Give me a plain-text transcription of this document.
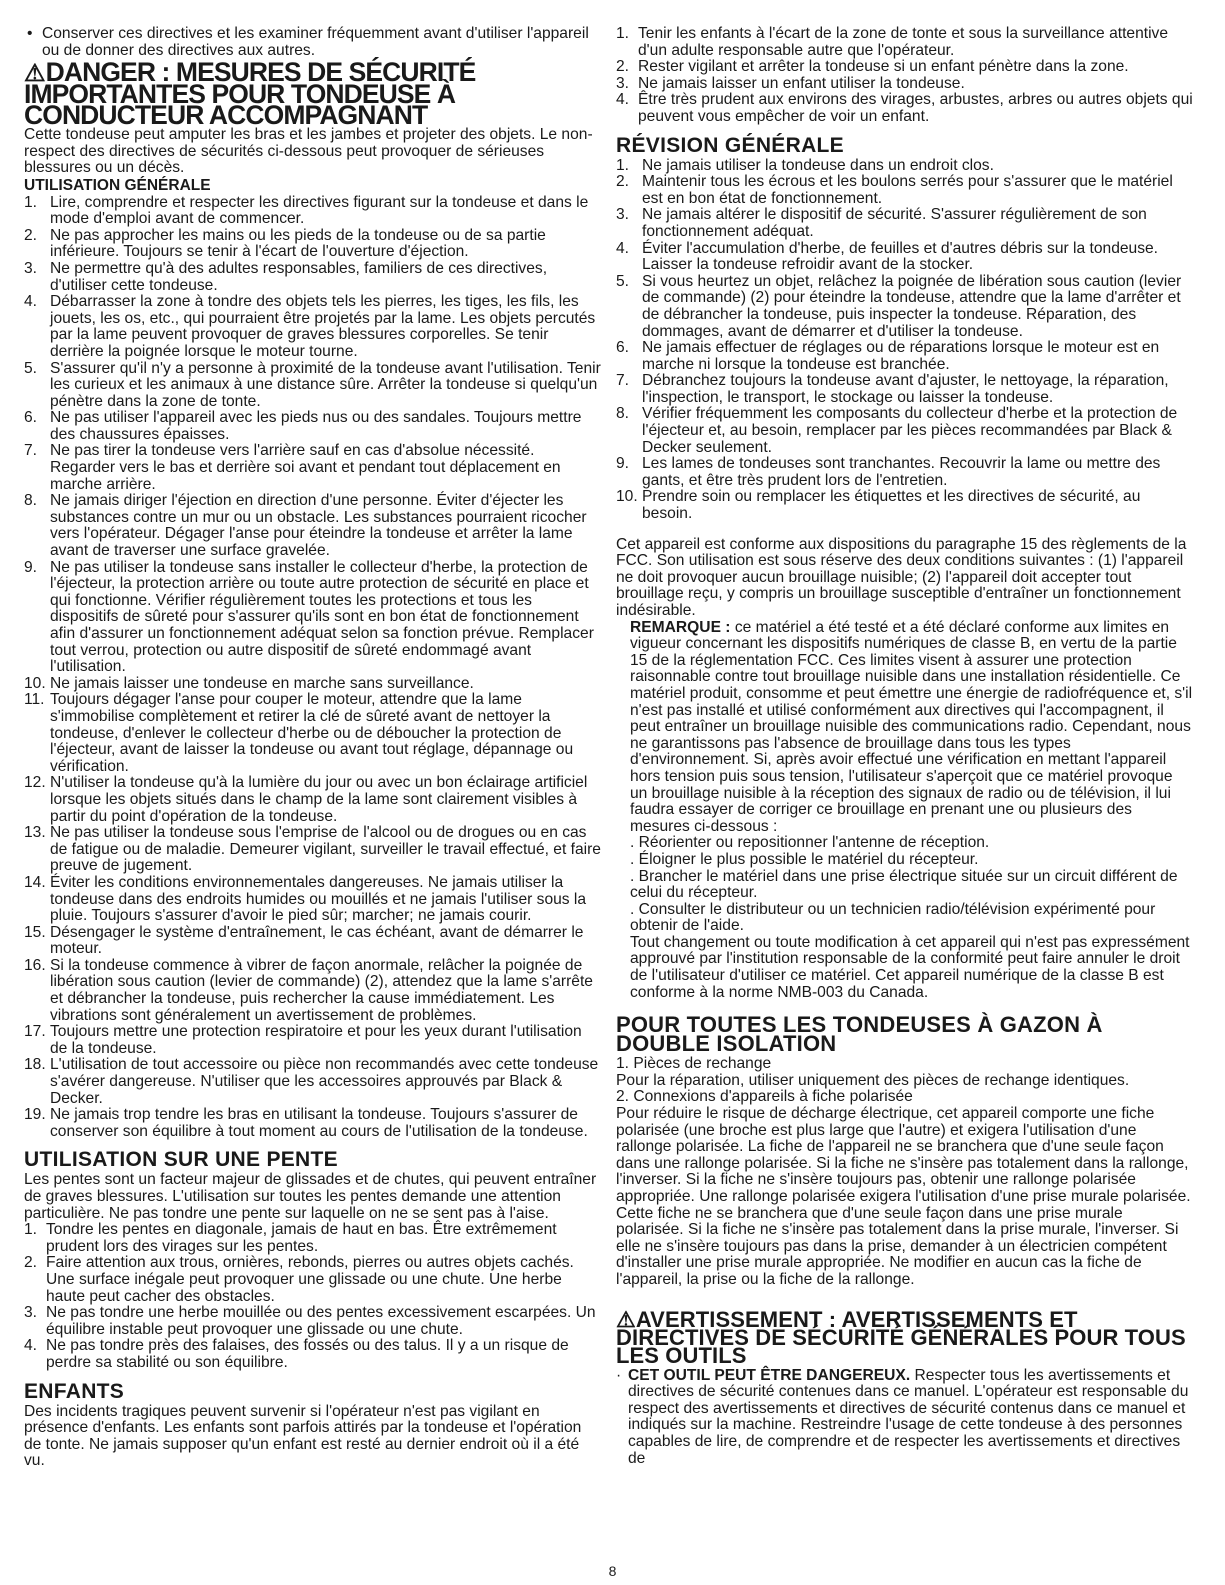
• Conserver ces directives et les examiner fréquemment avant d'utiliser l'appareil ou de donner des directives aux autres.

⚠DANGER : MESURES DE SÉCURITÉ IMPORTANTES POUR TONDEUSE À CONDUCTEUR ACCOMPAGNANT

Cette tondeuse peut amputer les bras et les jambes et projeter des objets. Le non-respect des directives de sécurités ci-dessous peut provoquer de sérieuses blessures ou un décès.

UTILISATION GÉNÉRALE
1. Lire, comprendre et respecter les directives figurant sur la tondeuse et dans le mode d'emploi avant de commencer.
2. Ne pas approcher les mains ou les pieds de la tondeuse ou de sa partie inférieure. Toujours se tenir à l'écart de l'ouverture d'éjection.
3. Ne permettre qu'à des adultes responsables, familiers de ces directives, d'utiliser cette tondeuse.
4. Débarrasser la zone à tondre des objets tels les pierres, les tiges, les fils, les jouets, les os, etc., qui pourraient être projetés par la lame. Les objets percutés par la lame peuvent provoquer de graves blessures corporelles. Se tenir derrière la poignée lorsque le moteur tourne.
5. S'assurer qu'il n'y a personne à proximité de la tondeuse avant l'utilisation. Tenir les curieux et les animaux à une distance sûre. Arrêter la tondeuse si quelqu'un pénètre dans la zone de tonte.
6. Ne pas utiliser l'appareil avec les pieds nus ou des sandales. Toujours mettre des chaussures épaisses.
7. Ne pas tirer la tondeuse vers l'arrière sauf en cas d'absolue nécessité. Regarder vers le bas et derrière soi avant et pendant tout déplacement en marche arrière.
8. Ne jamais diriger l'éjection en direction d'une personne. Éviter d'éjecter les substances contre un mur ou un obstacle. Les substances pourraient ricocher vers l'opérateur. Dégager l'anse pour éteindre la tondeuse et arrêter la lame avant de traverser une surface gravelée.
9. Ne pas utiliser la tondeuse sans installer le collecteur d'herbe, la protection de l'éjecteur, la protection arrière ou toute autre protection de sécurité en place et qui fonctionne. Vérifier régulièrement toutes les protections et tous les dispositifs de sûreté pour s'assurer qu'ils sont en bon état de fonctionnement afin d'assurer un fonctionnement adéquat selon sa fonction prévue. Remplacer tout verrou, protection ou autre dispositif de sûreté endommagé avant l'utilisation.
10. Ne jamais laisser une tondeuse en marche sans surveillance.
11. Toujours dégager l'anse pour couper le moteur, attendre que la lame s'immobilise complètement et retirer la clé de sûreté avant de nettoyer la tondeuse, d'enlever le collecteur d'herbe ou de déboucher la protection de l'éjecteur, avant de laisser la tondeuse ou avant tout réglage, dépannage ou vérification.
12. N'utiliser la tondeuse qu'à la lumière du jour ou avec un bon éclairage artificiel lorsque les objets situés dans le champ de la lame sont clairement visibles à partir du point d'opération de la tondeuse.
13. Ne pas utiliser la tondeuse sous l'emprise de l'alcool ou de drogues ou en cas de fatigue ou de maladie. Demeurer vigilant, surveiller le travail effectué, et faire preuve de jugement.
14. Éviter les conditions environnementales dangereuses. Ne jamais utiliser la tondeuse dans des endroits humides ou mouillés et ne jamais l'utiliser sous la pluie. Toujours s'assurer d'avoir le pied sûr; marcher; ne jamais courir.
15. Désengager le système d'entraînement, le cas échéant, avant de démarrer le moteur.
16. Si la tondeuse commence à vibrer de façon anormale, relâcher la poignée de libération sous caution (levier de commande) (2), attendez que la lame s'arrête et débrancher la tondeuse, puis rechercher la cause immédiatement. Les vibrations sont généralement un avertissement de problèmes.
17. Toujours mettre une protection respiratoire et pour les yeux durant l'utilisation de la tondeuse.
18. L'utilisation de tout accessoire ou pièce non recommandés avec cette tondeuse s'avérer dangereuse. N'utiliser que les accessoires approuvés par Black & Decker.
19. Ne jamais trop tendre les bras en utilisant la tondeuse. Toujours s'assurer de conserver son équilibre à tout moment au cours de l'utilisation de la tondeuse.
UTILISATION SUR UNE PENTE

Les pentes sont un facteur majeur de glissades et de chutes, qui peuvent entraîner de graves blessures. L'utilisation sur toutes les pentes demande une attention particulière. Ne pas tondre une pente sur laquelle on ne se sent pas à l'aise.

1. Tondre les pentes en diagonale, jamais de haut en bas. Être extrêmement prudent lors des virages sur les pentes.
2. Faire attention aux trous, ornières, rebonds, pierres ou autres objets cachés. Une surface inégale peut provoquer une glissade ou une chute. Une herbe haute peut cacher des obstacles.
3. Ne pas tondre une herbe mouillée ou des pentes excessivement escarpées. Un équilibre instable peut provoquer une glissade ou une chute.
4. Ne pas tondre près des falaises, des fossés ou des talus. Il y a un risque de perdre sa stabilité ou son équilibre.
ENFANTS

Des incidents tragiques peuvent survenir si l'opérateur n'est pas vigilant en présence d'enfants. Les enfants sont parfois attirés par la tondeuse et l'opération de tonte. Ne jamais supposer qu'un enfant est resté au dernier endroit où il a été vu.

1. Tenir les enfants à l'écart de la zone de tonte et sous la surveillance attentive d'un adulte responsable autre que l'opérateur.
2. Rester vigilant et arrêter la tondeuse si un enfant pénètre dans la zone.
3. Ne jamais laisser un enfant utiliser la tondeuse.
4. Être très prudent aux environs des virages, arbustes, arbres ou autres objets qui peuvent vous empêcher de voir un enfant.
RÉVISION GÉNÉRALE
1. Ne jamais utiliser la tondeuse dans un endroit clos.
2. Maintenir tous les écrous et les boulons serrés pour s'assurer que le matériel est en bon état de fonctionnement.
3. Ne jamais altérer le dispositif de sécurité. S'assurer régulièrement de son fonctionnement adéquat.
4. Éviter l'accumulation d'herbe, de feuilles et d'autres débris sur la tondeuse. Laisser la tondeuse refroidir avant de la stocker.
5. Si vous heurtez un objet, relâchez la poignée de libération sous caution (levier de commande) (2) pour éteindre la tondeuse, attendre que la lame d'arrêter et de débrancher la tondeuse, puis inspecter la tondeuse. Réparation, des dommages, avant de démarrer et d'utiliser la tondeuse.
6. Ne jamais effectuer de réglages ou de réparations lorsque le moteur est en marche ni lorsque la tondeuse est branchée.
7. Débranchez toujours la tondeuse avant d'ajuster, le nettoyage, la réparation, l'inspection, le transport, le stockage ou laisser la tondeuse.
8. Vérifier fréquemment les composants du collecteur d'herbe et la protection de l'éjecteur et, au besoin, remplacer par les pièces recommandées par Black & Decker seulement.
9. Les lames de tondeuses sont tranchantes. Recouvrir la lame ou mettre des gants, et être très prudent lors de l'entretien.
10. Prendre soin ou remplacer les étiquettes et les directives de sécurité, au besoin.

Cet appareil est conforme aux dispositions du paragraphe 15 des règlements de la FCC. Son utilisation est sous réserve des deux conditions suivantes : (1) l'appareil ne doit provoquer aucun brouillage nuisible; (2) l'appareil doit accepter tout brouillage reçu, y compris un brouillage susceptible d'entraîner un fonctionnement indésirable.

REMARQUE : ce matériel a été testé et a été déclaré conforme aux limites en vigueur concernant les dispositifs numériques de classe B, en vertu de la partie 15 de la réglementation FCC. Ces limites visent à assurer une protection raisonnable contre tout brouillage nuisible dans une installation résidentielle. Ce matériel produit, consomme et peut émettre une énergie de radiofréquence et, s'il n'est pas installé et utilisé conformément aux directives qui l'accompagnent, il peut entraîner un brouillage nuisible des communications radio. Cependant, nous ne garantissons pas l'absence de brouillage dans tous les types d'environnement. Si, après avoir effectué une vérification en mettant l'appareil hors tension puis sous tension, l'utilisateur s'aperçoit que ce matériel provoque un brouillage nuisible à la réception des signaux de radio ou de télévision, il lui faudra essayer de corriger ce brouillage en prenant une ou plusieurs des mesures ci-dessous :

. Réorienter ou repositionner l'antenne de réception.

. Éloigner le plus possible le matériel du récepteur.

. Brancher le matériel dans une prise électrique située sur un circuit différent de celui du récepteur.

. Consulter le distributeur ou un technicien radio/télévision expérimenté pour obtenir de l'aide.

Tout changement ou toute modification à cet appareil qui n'est pas expressément approuvé par l'institution responsable de la conformité peut faire annuler le droit de l'utilisateur d'utiliser ce matériel. Cet appareil numérique de la classe B est conforme à la norme NMB-003 du Canada.

POUR TOUTES LES TONDEUSES À GAZON À DOUBLE ISOLATION

1. Pièces de rechange

Pour la réparation, utiliser uniquement des pièces de rechange identiques.

2. Connexions d'appareils à fiche polarisée

Pour réduire le risque de décharge électrique, cet appareil comporte une fiche polarisée (une broche est plus large que l'autre) et exigera l'utilisation d'une rallonge polarisée. La fiche de l'appareil ne se branchera que d'une seule façon dans une rallonge polarisée. Si la fiche ne s'insère pas totalement dans la rallonge, l'inverser. Si la fiche ne s'insère toujours pas, obtenir une rallonge polarisée appropriée. Une rallonge polarisée exigera l'utilisation d'une prise murale polarisée. Cette fiche ne se branchera que d'une seule façon dans une prise murale polarisée. Si la fiche ne s'insère pas totalement dans la prise murale, l'inverser. Si elle ne s'insère toujours pas dans la prise, demander à un électricien compétent d'installer une prise murale appropriée. Ne modifier en aucun cas la fiche de l'appareil, la prise ou la fiche de la rallonge.

⚠AVERTISSEMENT : AVERTISSEMENTS ET DIRECTIVES DE SÉCURITÉ GÉNÉRALES POUR TOUS LES OUTILS
· CET OUTIL PEUT ÊTRE DANGEREUX. Respecter tous les avertissements et directives de sécurité contenues dans ce manuel. L'opérateur est responsable du respect des avertissements et directives de sécurité contenus dans ce manuel et indiqués sur la machine. Restreindre l'usage de cette tondeuse à des personnes capables de lire, de comprendre et de respecter les avertissements et directives de

8
